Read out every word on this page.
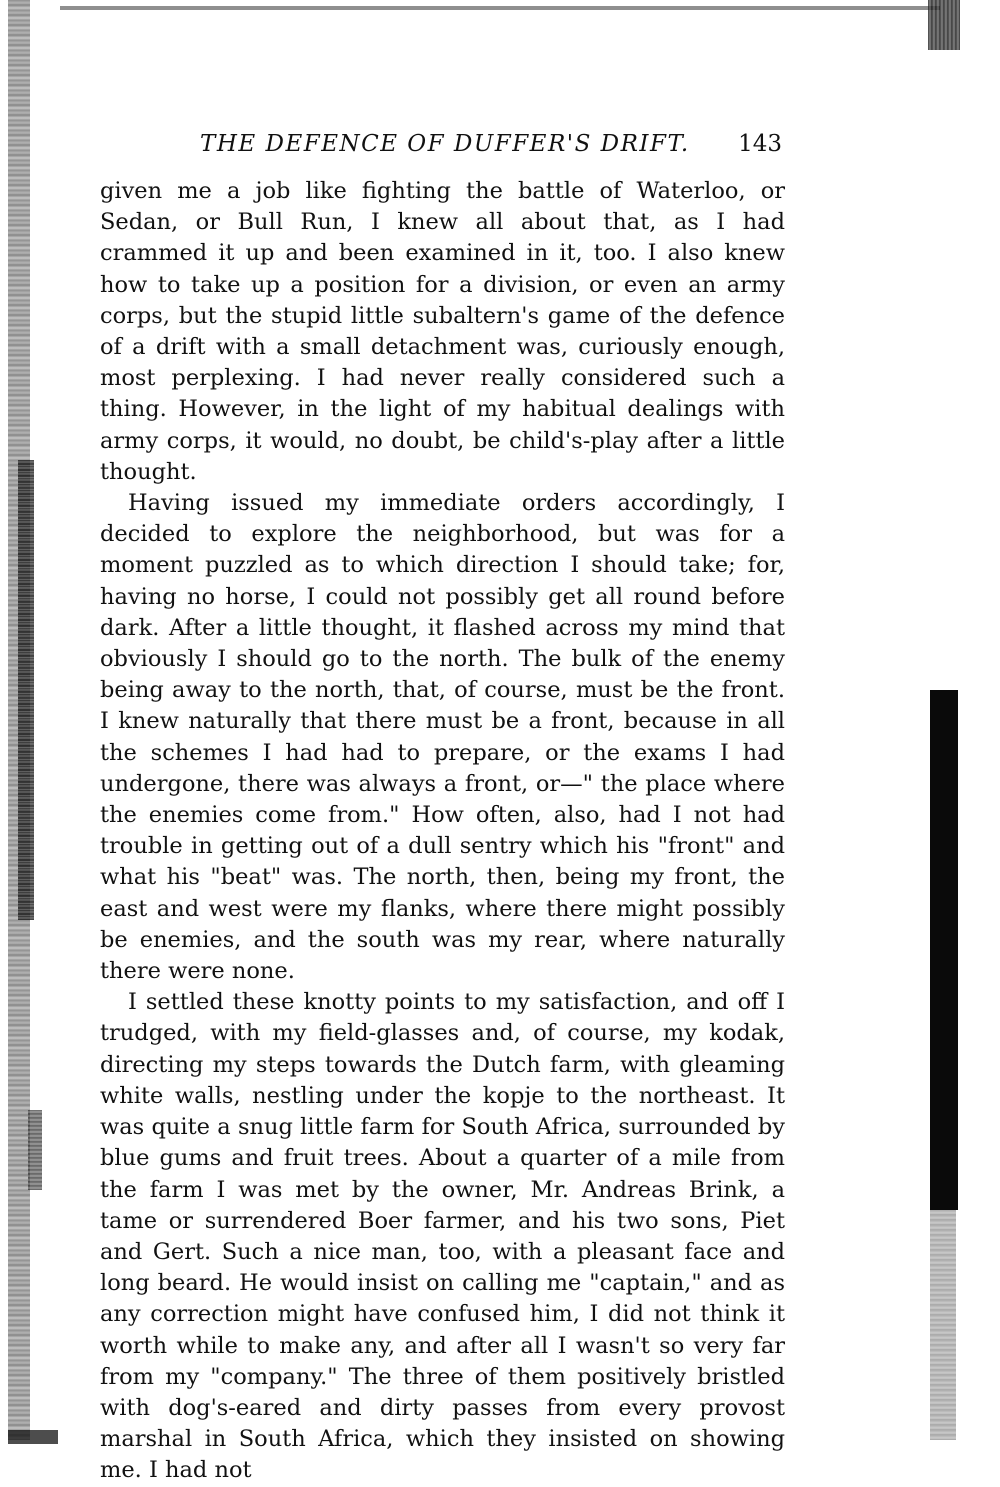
THE DEFENCE OF DUFFER'S DRIFT. 143

given me a job like fighting the battle of Waterloo, or Sedan, or Bull Run, I knew all about that, as I had crammed it up and been examined in it, too. I also knew how to take up a position for a division, or even an army corps, but the stupid little subaltern's game of the defence of a drift with a small detachment was, curiously enough, most perplexing. I had never really considered such a thing. However, in the light of my habitual dealings with army corps, it would, no doubt, be child's-play after a little thought.

Having issued my immediate orders accordingly, I decided to explore the neighborhood, but was for a moment puzzled as to which direction I should take; for, having no horse, I could not possibly get all round before dark. After a little thought, it flashed across my mind that obviously I should go to the north. The bulk of the enemy being away to the north, that, of course, must be the front. I knew naturally that there must be a front, because in all the schemes I had had to prepare, or the exams I had undergone, there was always a front, or—" the place where the enemies come from." How often, also, had I not had trouble in getting out of a dull sentry which his "front" and what his "beat" was. The north, then, being my front, the east and west were my flanks, where there might possibly be enemies, and the south was my rear, where naturally there were none.

I settled these knotty points to my satisfaction, and off I trudged, with my field-glasses and, of course, my kodak, directing my steps towards the Dutch farm, with gleaming white walls, nestling under the kopje to the northeast. It was quite a snug little farm for South Africa, surrounded by blue gums and fruit trees. About a quarter of a mile from the farm I was met by the owner, Mr. Andreas Brink, a tame or surrendered Boer farmer, and his two sons, Piet and Gert. Such a nice man, too, with a pleasant face and long beard. He would insist on calling me "captain," and as any correction might have confused him, I did not think it worth while to make any, and after all I wasn't so very far from my "company." The three of them positively bristled with dog's-eared and dirty passes from every provost marshal in South Africa, which they insisted on showing me. I had not
